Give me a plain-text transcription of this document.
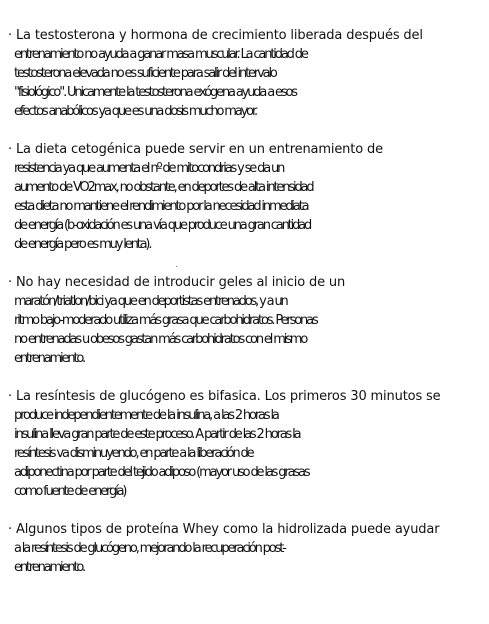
· La testosterona y hormona de crecimiento liberada después del
entrenamiento no ayuda a ganar masa muscular. La cantidad de
testosterona elevada no es suficiente para salir del intervalo
"fisiológico". Unicamente la testosterona exógena ayuda a esos
efectos anabólicos ya que es una dosis mucho mayor.

· La dieta cetogénica puede servir en un entrenamiento de
resistencia ya que aumenta el nº de mitocondrias y se da un
aumento de VO2max, no obstante, en deportes de alta intensidad
esta dieta no mantiene el rendimiento por la necesidad inmediata
de energía (b-oxidación es una vía que produce una gran cantidad
de energía pero es muy lenta).

· No hay necesidad de introducir geles al inicio de un
maratón/triatlon/bici ya que en deportistas entrenados, y a un
ritmo bajo-moderado utiliza más grasa que carbohidratos. Personas
no entrenadas u obesos gastan más carbohidratos con el mismo
entrenamiento.

· La resíntesis de glucógeno es bifasica. Los primeros 30 minutos se
produce independientemente de la insulina, a las 2 horas la
insulina lleva gran parte de este proceso. A partir de las 2 horas la
resíntesis va disminuyendo, en parte a la liberación de
adiponectina por parte del tejido adiposo (mayor uso de las grasas
como fuente de energía)

· Algunos tipos de proteína Whey como la hidrolizada puede ayudar
a la resíntesis de glucógeno, mejorando la recuperación post-
entrenamiento.
